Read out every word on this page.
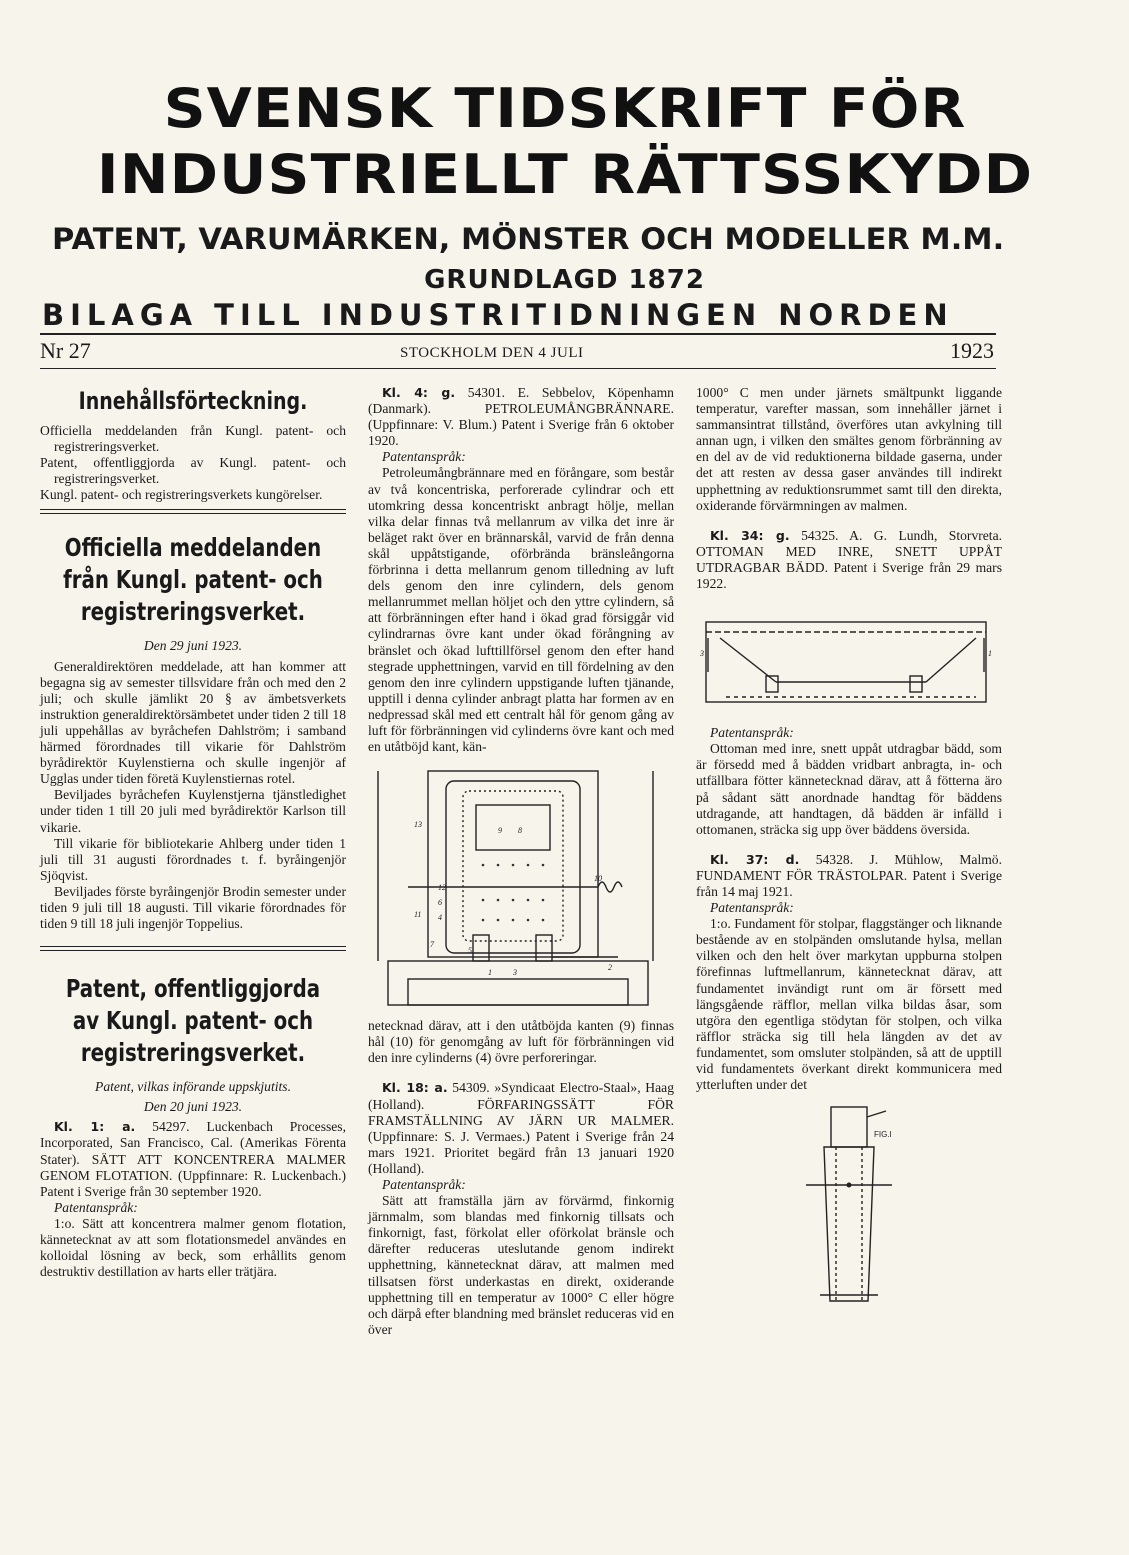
SVENSK TIDSKRIFT FÖR
INDUSTRIELLT RÄTTSSKYDD
PATENT, VARUMÄRKEN, MÖNSTER OCH MODELLER M.M.
GRUNDLAGD 1872
BILAGA TILL INDUSTRITIDNINGEN NORDEN
Nr 27	STOCKHOLM DEN 4 JULI	1923
Innehållsförteckning.

Officiella meddelanden från Kungl. patent- och registreringsverket.

Patent, offentliggjorda av Kungl. patent- och registreringsverket.

Kungl. patent- och registreringsverkets kungörelser.

Officiella meddelanden från Kungl. patent- och registreringsverket.
Den 29 juni 1923.

Generaldirektören meddelade, att han kommer att begagna sig av semester tillsvidare från och med den 2 juli; och skulle jämlikt 20 § av ämbetsverkets instruktion generaldirektörsämbetet under tiden 2 till 18 juli uppehållas av byråchefen Dahlström; i samband härmed förordnades till vikarie för Dahlström byrådirektör Kuylenstierna och skulle ingenjör af Ugglas under tiden företä Kuylenstiernas rotel.

Beviljades byråchefen Kuylenstjerna tjänstledighet under tiden 1 till 20 juli med byrådirektör Karlson till vikarie.

Till vikarie för bibliotekarie Ahlberg under tiden 1 juli till 31 augusti förordnades t. f. byråingenjör Sjöqvist.

Beviljades förste byråingenjör Brodin semester under tiden 9 juli till 18 augusti. Till vikarie förordnades för tiden 9 till 18 juli ingenjör Toppelius.

Patent, offentliggjorda av Kungl. patent- och registreringsverket.
Patent, vilkas införande uppskjutits.
Den 20 juni 1923.

Kl. 1: a. 54297. Luckenbach Processes, Incorporated, San Francisco, Cal. (Amerikas Förenta Stater). SÄTT ATT KONCENTRERA MALMER GENOM FLOTATION. (Uppfinnare: R. Luckenbach.) Patent i Sverige från 30 september 1920.

Patentanspråk:

1:o. Sätt att koncentrera malmer genom flotation, kännetecknat av att som flotationsmedel användes en kolloidal lösning av beck, som erhållits genom destruktiv destillation av harts eller trätjära.

Kl. 4: g. 54301. E. Sebbelov, Köpenhamn (Danmark). PETROLEUMÅNGBRÄNNARE. (Uppfinnare: V. Blum.) Patent i Sverige från 6 oktober 1920.

Patentanspråk:

Petroleumångbrännare med en förångare, som består av två koncentriska, perforerade cylindrar och ett utomkring dessa koncentriskt anbragt hölje, mellan vilka delar finnas två mellanrum av vilka det inre är beläget rakt över en brännarskål, varvid de från denna skål uppåtstigande, oförbrända bränsleångorna förbrinna i detta mellanrum genom tilledning av luft dels genom den inre cylindern, dels genom mellanrummet mellan höljet och den yttre cylindern, så att förbränningen efter hand i ökad grad försiggår vid cylindrarnas övre kant under ökad förångning av bränslet och ökad lufttillförsel genom den efter hand stegrade upphettningen, varvid en till fördelning av den genom den inre cylindern uppstigande luften tjänande, upptill i denna cylinder anbragt platta har formen av en nedpressad skål med ett centralt hål för genom gång av luft för förbränningen vid cylinderns övre kant och med en utåtböjd kant, kän-

13
9 8
11
10
12
6
4
5
1	3
2
7

netecknad därav, att i den utåtböjda kanten (9) finnas hål (10) för genomgång av luft för förbränningen vid den inre cylinderns (4) övre perforeringar.

Kl. 18: a. 54309. »Syndicaat Electro-Staal», Haag (Holland). FÖRFARINGSSÄTT FÖR FRAMSTÄLLNING AV JÄRN UR MALMER. (Uppfinnare: S. J. Vermaes.) Patent i Sverige från 24 mars 1921. Prioritet begärd från 13 januari 1920 (Holland).

Patentanspråk:

Sätt att framställa järn av förvärmd, finkornig järnmalm, som blandas med finkornig tillsats och finkornigt, fast, förkolat eller oförkolat bränsle och därefter reduceras uteslutande genom indirekt upphettning, kännetecknat därav, att malmen med tillsatsen först underkastas en direkt, oxiderande upphettning till en temperatur av 1000° C eller högre och därpå efter blandning med bränslet reduceras vid en över

1000° C men under järnets smältpunkt liggande temperatur, varefter massan, som innehåller järnet i sammansintrat tillstånd, överföres utan avkylning till annan ugn, i vilken den smältes genom förbränning av en del av de vid reduktionerna bildade gaserna, under det att resten av dessa gaser användes till indirekt upphettning av reduktionsrummet samt till den direkta, oxiderande förvärmningen av malmen.

Kl. 34: g. 54325. A. G. Lundh, Storvreta. OTTOMAN MED INRE, SNETT UPPÅT UTDRAGBAR BÄDD. Patent i Sverige från 29 mars 1922.

3	1

Patentanspråk:

Ottoman med inre, snett uppåt utdragbar bädd, som är försedd med å bädden vridbart anbragta, in- och utfällbara fötter kännetecknad därav, att å fötterna äro på sådant sätt anordnade handtag för bäddens utdragande, att handtagen, då bädden är infälld i ottomanen, sträcka sig upp över bäddens översida.

Kl. 37: d. 54328. J. Mühlow, Malmö. FUNDAMENT FÖR TRÄSTOLPAR. Patent i Sverige från 14 maj 1921.

Patentanspråk:

1:o. Fundament för stolpar, flaggstänger och liknande bestående av en stolpänden omslutande hylsa, mellan vilken och den helt över markytan uppburna stolpen förefinnas luftmellanrum, kännetecknat därav, att fundamentet invändigt runt om är försett med längsgående räfflor, mellan vilka bildas åsar, som utgöra den egentliga stödytan för stolpen, och vilka räfflor sträcka sig till hela längden av det av fundamentet, som omsluter stolpänden, så att de upptill vid fundamentets överkant direkt kommunicera med ytterluften under det

FIG.I
